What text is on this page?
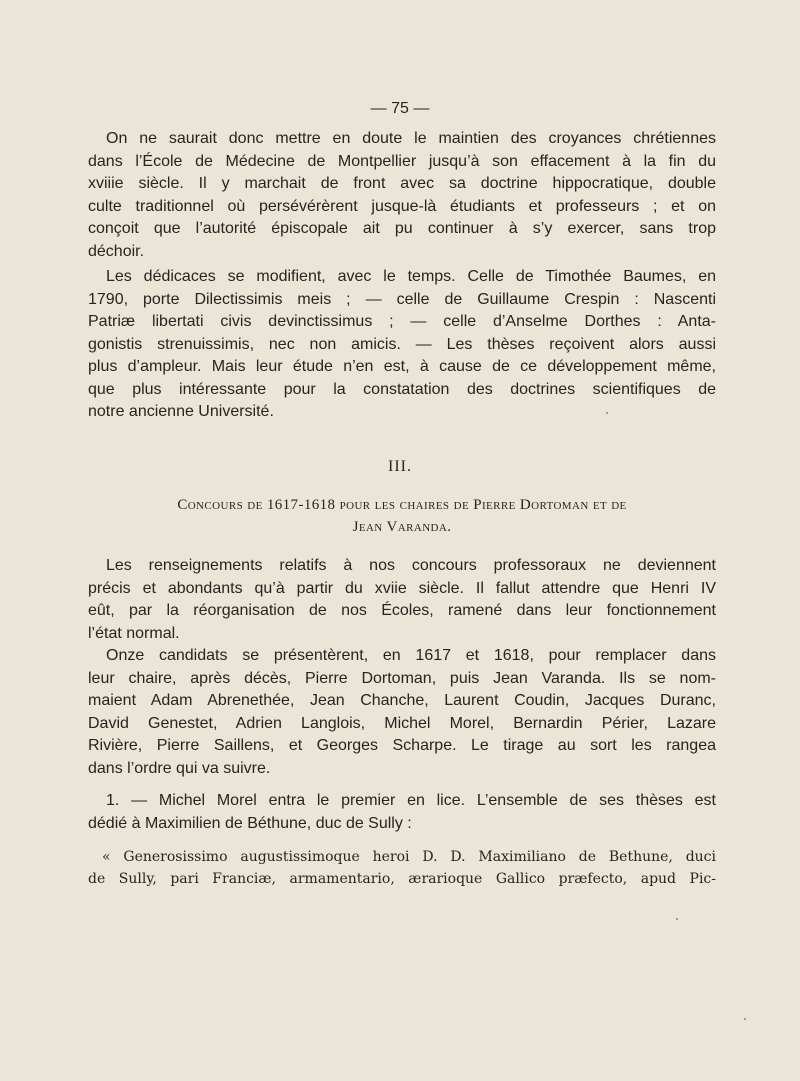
— 75 —

On ne saurait donc mettre en doute le maintien des croyances chrétiennes
dans l’École de Médecine de Montpellier jusqu’à son effacement à la fin du
xviiie siècle. Il y marchait de front avec sa doctrine hippocratique, double
culte traditionnel où persévérèrent jusque-là étudiants et professeurs ; et on
conçoit que l’autorité épiscopale ait pu continuer à s’y exercer, sans trop
déchoir.

Les dédicaces se modifient, avec le temps. Celle de Timothée Baumes, en
1790, porte Dilectissimis meis ; — celle de Guillaume Crespin : Nascenti
Patriæ libertati civis devinctissimus ; — celle d’Anselme Dorthes : Anta-
gonistis strenuissimis, nec non amicis. — Les thèses reçoivent alors aussi
plus d’ampleur. Mais leur étude n’en est, à cause de ce développement même,
que plus intéressante pour la constatation des doctrines scientifiques de
notre ancienne Université.

III.
Concours de 1617-1618 pour les chaires de Pierre Dortoman et de
Jean Varanda.

Les renseignements relatifs à nos concours professoraux ne deviennent
précis et abondants qu’à partir du xviie siècle. Il fallut attendre que Henri IV
eût, par la réorganisation de nos Écoles, ramené dans leur fonctionnement
l’état normal.

Onze candidats se présentèrent, en 1617 et 1618, pour remplacer dans
leur chaire, après décès, Pierre Dortoman, puis Jean Varanda. Ils se nom-
maient Adam Abrenethée, Jean Chanche, Laurent Coudin, Jacques Duranc,
David Genestet, Adrien Langlois, Michel Morel, Bernardin Périer, Lazare
Rivière, Pierre Saillens, et Georges Scharpe. Le tirage au sort les rangea
dans l’ordre qui va suivre.

1. — Michel Morel entra le premier en lice. L’ensemble de ses thèses est
dédié à Maximilien de Béthune, duc de Sully :

« Generosissimo augustissimoque heroi D. D. Maximiliano de Bethune, duci
de Sully, pari Franciæ, armamentario, ærarioque Gallico præfecto, apud Pic-
